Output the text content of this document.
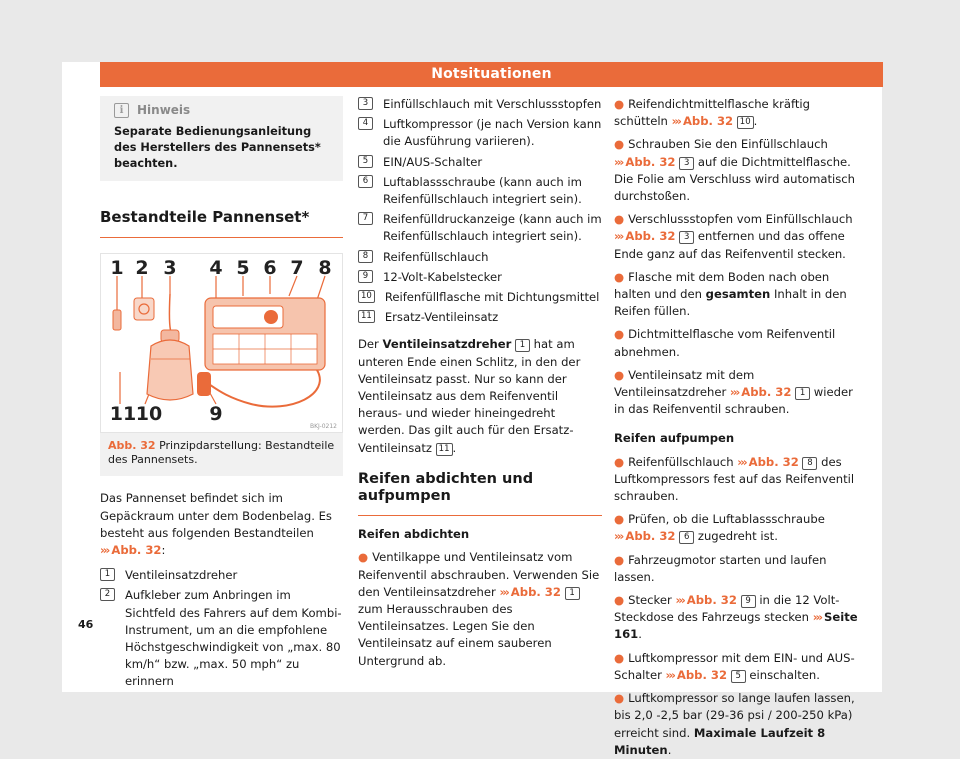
Notsituationen
i	Hinweis
Separate Bedienungsanleitung des Herstellers des Pannensets* beachten.
Bestandteile Pannenset*
1 2 3 4 5 6 7 8
11 10 9
BKJ-0212
Abb. 32 Prinzipdarstellung: Bestandteile des Pannensets.

Das Pannenset befindet sich im Gepäckraum unter dem Bodenbelag. Es besteht aus folgenden Bestandteilen ››› Abb. 32:

1	Ventileinsatzdreher
2	Aufkleber zum Anbringen im Sichtfeld des Fahrers auf dem Kombi-Instrument, um an die empfohlene Höchstgeschwindigkeit von „max. 80 km/h“ bzw. „max. 50 mph“ zu erinnern
3	Einfüllschlauch mit Verschlussstopfen
4	Luftkompressor (je nach Version kann die Ausführung variieren).
5	EIN/AUS-Schalter
6	Luftablassschraube (kann auch im Reifenfüllschlauch integriert sein).
7	Reifenfülldruckanzeige (kann auch im Reifenfüllschlauch integriert sein).
8	Reifenfüllschlauch
9	12-Volt-Kabelstecker
10 Reifenfüllflasche mit Dichtungsmittel
11 Ersatz-Ventileinsatz

Der Ventileinsatzdreher 1 hat am unteren Ende einen Schlitz, in den der Ventileinsatz passt. Nur so kann der Ventileinsatz aus dem Reifenventil heraus- und wieder hineingedreht werden. Das gilt auch für den Ersatz-Ventileinsatz 11 .

Reifen abdichten und aufpumpen
Reifen abdichten

● Ventilkappe und Ventileinsatz vom Reifenventil abschrauben. Verwenden Sie den Ventileinsatzdreher ››› Abb. 32 1 zum Herausschrauben des Ventileinsatzes. Legen Sie den Ventileinsatz auf einem sauberen Untergrund ab.

● Reifendichtmittelflasche kräftig schütteln ››› Abb. 32 10 .

● Schrauben Sie den Einfüllschlauch ››› Abb. 32 3 auf die Dichtmittelflasche. Die Folie am Verschluss wird automatisch durchstoßen.

● Verschlussstopfen vom Einfüllschlauch ››› Abb. 32 3 entfernen und das offene Ende ganz auf das Reifenventil stecken.

● Flasche mit dem Boden nach oben halten und den gesamten Inhalt in den Reifen füllen.

● Dichtmittelflasche vom Reifenventil abnehmen.

● Ventileinsatz mit dem Ventileinsatzdreher ››› Abb. 32 1 wieder in das Reifenventil schrauben.

Reifen aufpumpen

● Reifenfüllschlauch ››› Abb. 32 8 des Luftkompressors fest auf das Reifenventil schrauben.

● Prüfen, ob die Luftablassschraube ››› Abb. 32 6 zugedreht ist.

● Fahrzeugmotor starten und laufen lassen.

● Stecker ››› Abb. 32 9 in die 12 Volt-Steckdose des Fahrzeugs stecken ››› Seite 161.

● Luftkompressor mit dem EIN- und AUS-Schalter ››› Abb. 32 5 einschalten.

● Luftkompressor so lange laufen lassen, bis 2,0 -2,5 bar (29-36 psi / 200-250 kPa) erreicht sind. Maximale Laufzeit 8 Minuten.

46
